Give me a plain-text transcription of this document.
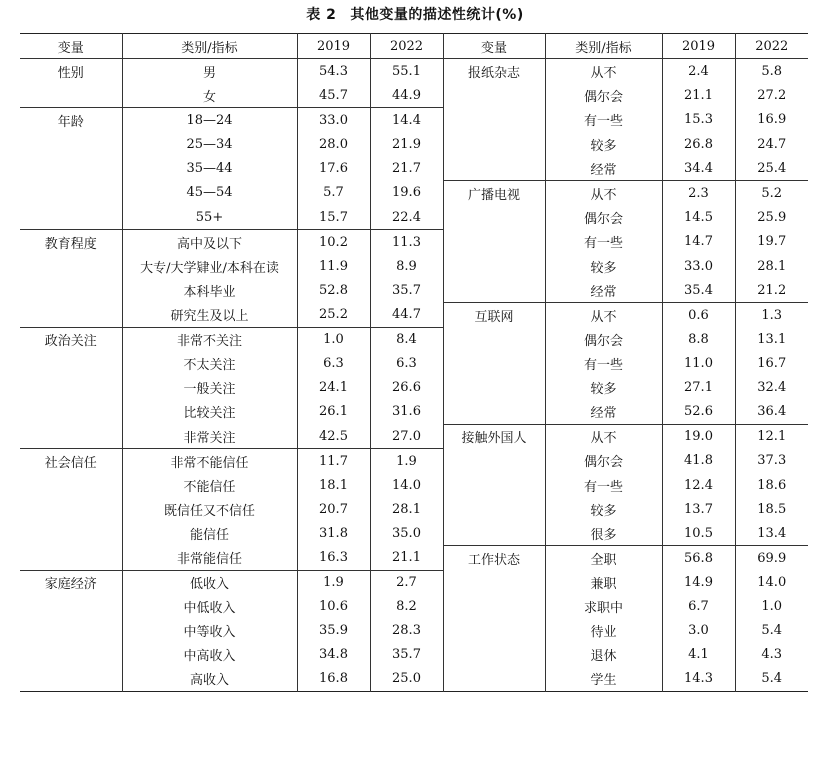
表 2 其他变量的描述性统计(%)
变量	类别/指标	2019	2022	变量	类别/指标	2019	2022
性别	男	54.3	55.1	报纸杂志	从不	2.4	5.8
	女	45.7	44.9		偶尔会	21.1	27.2
年龄	18—24	33.0	14.4		有一些	15.3	16.9
	25—34	28.0	21.9		较多	26.8	24.7
	35—44	17.6	21.7		经常	34.4	25.4
	45—54	5.7	19.6	广播电视	从不	2.3	5.2
	55+	15.7	22.4		偶尔会	14.5	25.9
教育程度	高中及以下	10.2	11.3		有一些	14.7	19.7
	大专/大学肄业/本科在读	11.9	8.9		较多	33.0	28.1
	本科毕业	52.8	35.7		经常	35.4	21.2
	研究生及以上	25.2	44.7	互联网	从不	0.6	1.3
政治关注	非常不关注	1.0	8.4		偶尔会	8.8	13.1
	不太关注	6.3	6.3		有一些	11.0	16.7
	一般关注	24.1	26.6		较多	27.1	32.4
	比较关注	26.1	31.6		经常	52.6	36.4
	非常关注	42.5	27.0	接触外国人	从不	19.0	12.1
社会信任	非常不能信任	11.7	1.9		偶尔会	41.8	37.3
	不能信任	18.1	14.0		有一些	12.4	18.6
	既信任又不信任	20.7	28.1		较多	13.7	18.5
	能信任	31.8	35.0		很多	10.5	13.4
	非常能信任	16.3	21.1	工作状态	全职	56.8	69.9
家庭经济	低收入	1.9	2.7		兼职	14.9	14.0
	中低收入	10.6	8.2		求职中	6.7	1.0
	中等收入	35.9	28.3		待业	3.0	5.4
	中高收入	34.8	35.7		退休	4.1	4.3
	高收入	16.8	25.0		学生	14.3	5.4
